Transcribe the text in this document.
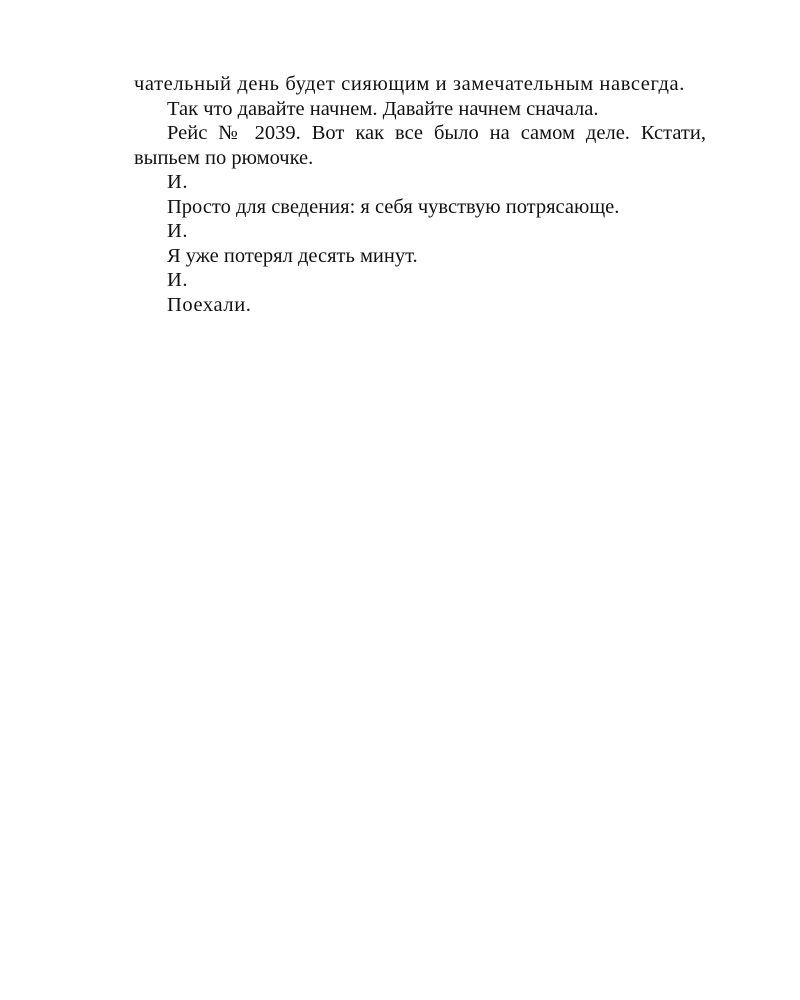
чательный день будет сияющим и замечательным навсегда.

Так что давайте начнем. Давайте начнем сначала.

Рейс № 2039. Вот как все было на самом деле. Кстати, выпьем по рюмочке.

И.

Просто для сведения: я себя чувствую потрясающе.

И.

Я уже потерял десять минут.

И.

Поехали.
